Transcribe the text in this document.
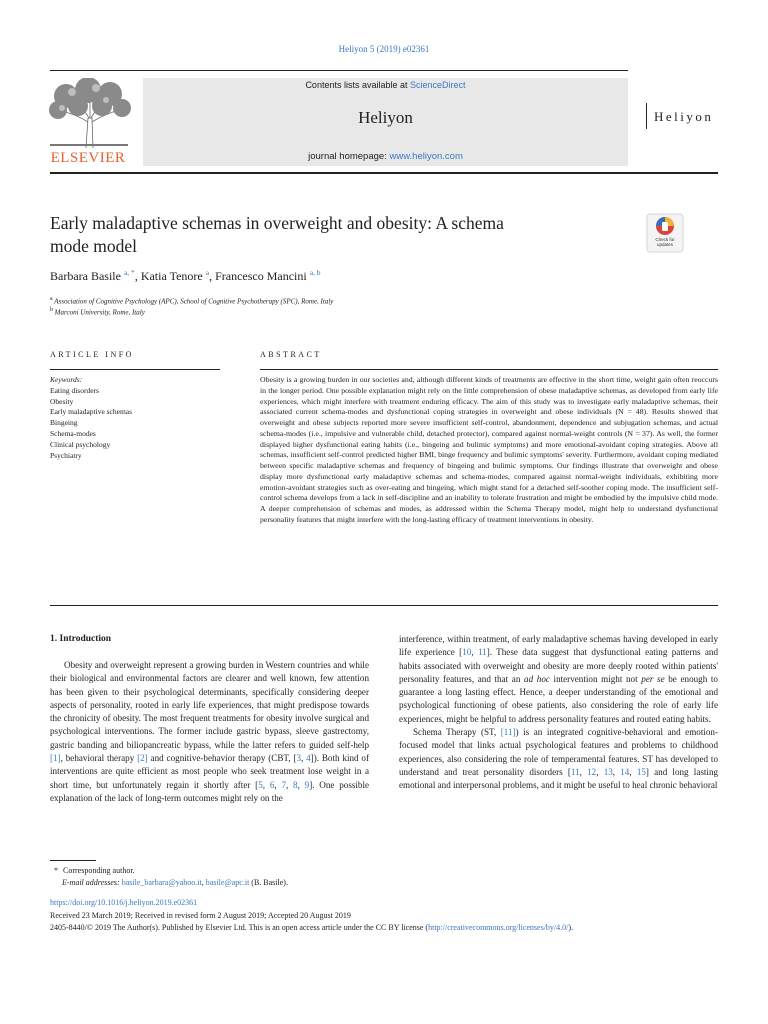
Heliyon 5 (2019) e02361
ELSEVIER
Contents lists available at ScienceDirect
Heliyon
journal homepage: www.heliyon.com
Heliyon
Early maladaptive schemas in overweight and obesity: A schema
mode model	Check for updates
Barbara Basile $^{a, *}$, Katia Tenore $^a$, Francesco Mancini $^{a, b}$
$^a$ Association of Cognitive Psychology (APC), School of Cognitive Psychotherapy (SPC), Rome, Italy
$^b$ Marconi University, Rome, Italy
ARTICLE INFO	ABSTRACT
Keywords:
Eating disorders
Obesity
Early maladaptive schemas
Bingeing
Schema-modes
Clinical psychology
Psychiatry
Obesity is a growing burden in our societies and, although different kinds of treatments are effective in the short time, weight gain often reoccurs in the longer period. One possible explanation might rely on the little comprehension of obese maladaptive schemas, as developed from early life experiences, which might interfere with treatment enduring efficacy. The aim of this study was to investigate early maladaptive schemas, their associated current schema-modes and dysfunctional coping strategies in overweight and obese individuals (N = 48). Results showed that overweight and obese subjects reported more severe insufficient self-control, abandonment, dependence and subjugation schemas, and actual schema-modes (i.e., impulsive and vulnerable child, detached protector), compared against normal-weight controls (N = 37). As well, the former displayed higher dysfunctional eating habits (i.e., bingeing and bulimic symptoms) and more emotional-avoidant coping strategies. Above all schemas, insufficient self-control predicted higher BMI, binge frequency and bulimic symptoms' severity. Furthermore, avoidant coping mediated between specific maladaptive schemas and frequency of bingeing and bulimic symptoms. Our findings illustrate that overweight and obese display more dysfunctional early maladaptive schemas and schema-modes, compared against normal-weight individuals, exhibiting more emotion-avoidant strategies such as over-eating and bingeing, which might stand for a detached self-soother coping mode. The insufficient self-control schema develops from a lack in self-discipline and an inability to tolerate frustration and might be embodied by the impulsive child mode. A deeper comprehension of schemas and modes, as addressed within the Schema Therapy model, might help to understand dysfunctional personality features that might interfere with the long-lasting efficacy of treatment interventions in obesity.
1. Introduction

Obesity and overweight represent a growing burden in Western countries and while their biological and environmental factors are clearer and well known, few attention has been given to their psychological determinants, specifically considering deeper aspects of personality, rooted in early life experiences, that might predispose towards the chronicity of obesity. The most frequent treatments for obesity involve surgical and psychological interventions. The former include gastric bypass, sleeve gastrectomy, gastric banding and biliopancreatic bypass, while the latter refers to guided self-help [1], behavioral therapy [2] and cognitive-behavior therapy (CBT, [3, 4]). Both kind of interventions are quite efficient as most people who seek treatment lose weight in a short time, but unfortunately regain it shortly after [5, 6, 7, 8, 9]. One possible explanation of the lack of long-term outcomes might rely on the

interference, within treatment, of early maladaptive schemas having developed in early life experience [10, 11]. These data suggest that dysfunctional eating patterns and habits associated with overweight and obesity are more deeply rooted within patients' personality features, and that an ad hoc intervention might not per se be enough to guarantee a long lasting effect. Hence, a deeper understanding of the emotional and psychological functioning of obese patients, also considering the role of early life experiences, might be helpful to address personality features and routed eating habits.

Schema Therapy (ST, [11]) is an integrated cognitive-behavioral and emotion-focused model that links actual psychological features and problems to childhood experiences, also considering the role of temperamental features. ST has developed to understand and treat personality disorders [11, 12, 13, 14, 15] and long lasting emotional and interpersonal problems, and it might be useful to heal chronic behavioral

* Corresponding author.
E-mail addresses: basile_barbara@yahoo.it, basile@apc.it (B. Basile).
https://doi.org/10.1016/j.heliyon.2019.e02361
Received 23 March 2019; Received in revised form 2 August 2019; Accepted 20 August 2019
2405-8440/© 2019 The Author(s). Published by Elsevier Ltd. This is an open access article under the CC BY license (http://creativecommons.org/licenses/by/4.0/).
